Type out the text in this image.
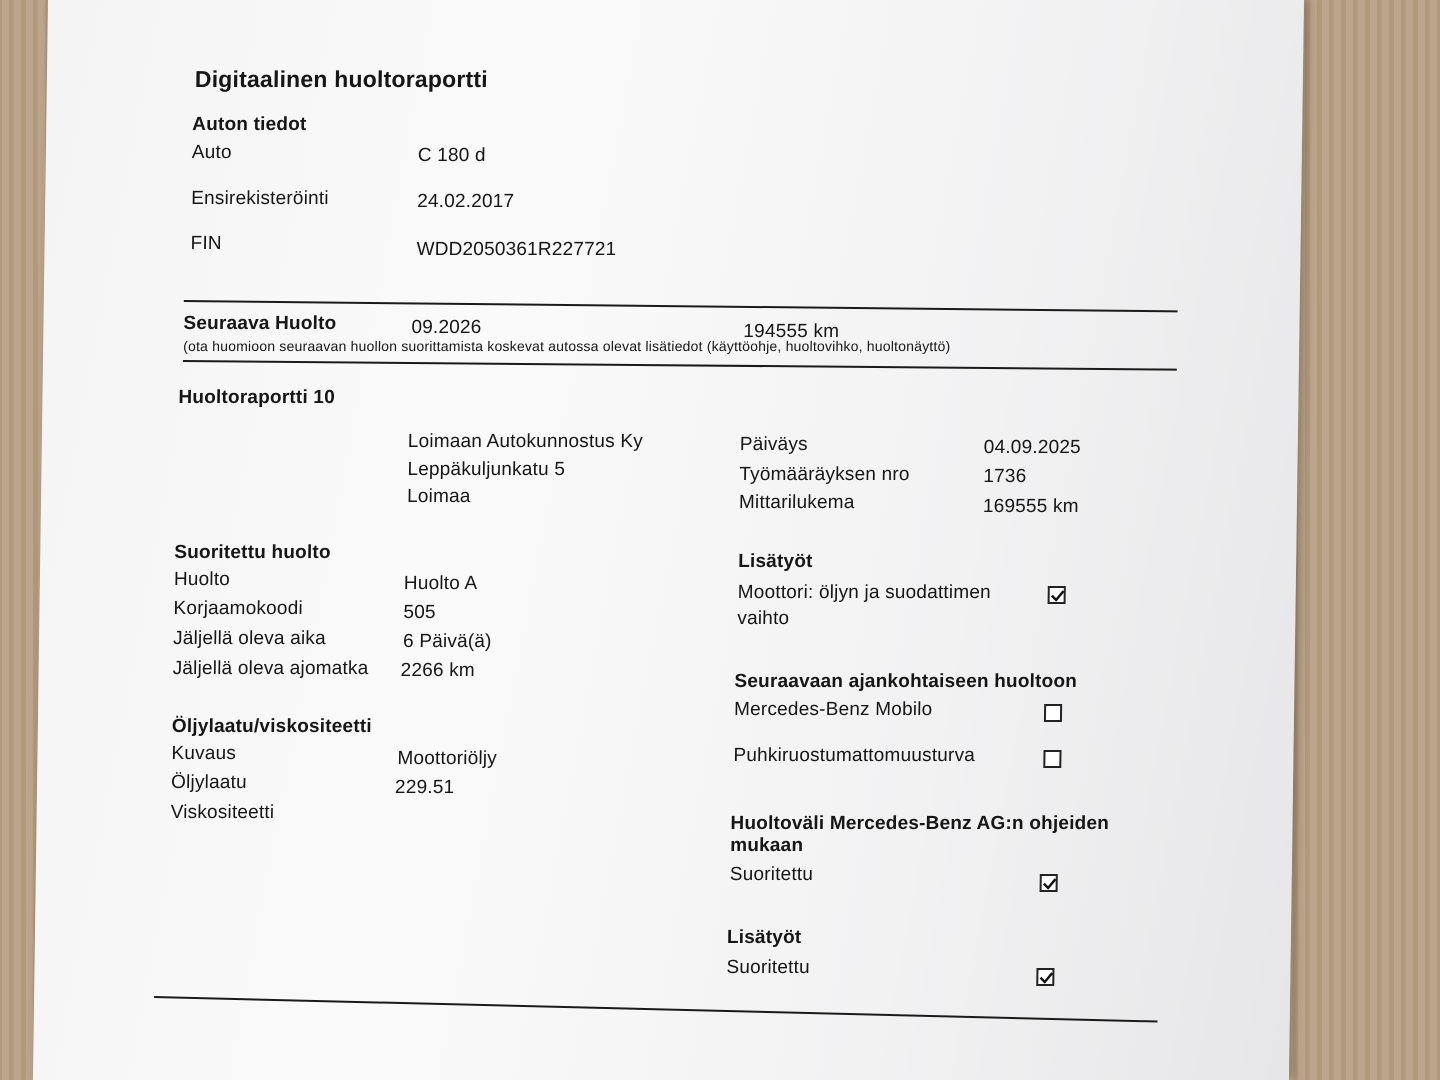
Digitaalinen huoltoraportti
Auton tiedot
Auto	C 180 d
Ensirekisteröinti	24.02.2017
FIN	WDD2050361R227721
Seuraava Huolto	09.2026	194555 km
(ota huomioon seuraavan huollon suorittamista koskevat autossa olevat lisätiedot (käyttöohje, huoltovihko, huoltonäyttö)
Huoltoraportti 10
Loimaan Autokunnostus Ky
Leppäkuljunkatu 5
Loimaa
Päiväys	04.09.2025
Työmääräyksen nro	1736
Mittarilukema	169555 km
Suoritettu huolto
Huolto	Huolto A
Korjaamokoodi	505
Jäljellä oleva aika	6 Päivä(ä)
Jäljellä oleva ajomatka 2266 km
Öljylaatu/viskositeetti
Kuvaus	Moottoriöljy
Öljylaatu	229.51
Viskositeetti
Lisätyöt
Moottori: öljyn ja suodattimen
vaihto
Seuraavaan ajankohtaiseen huoltoon
Mercedes-Benz Mobilo
Puhkiruostumattomuusturva
Huoltoväli Mercedes-Benz AG:n ohjeiden
mukaan
Suoritettu
Lisätyöt
Suoritettu
